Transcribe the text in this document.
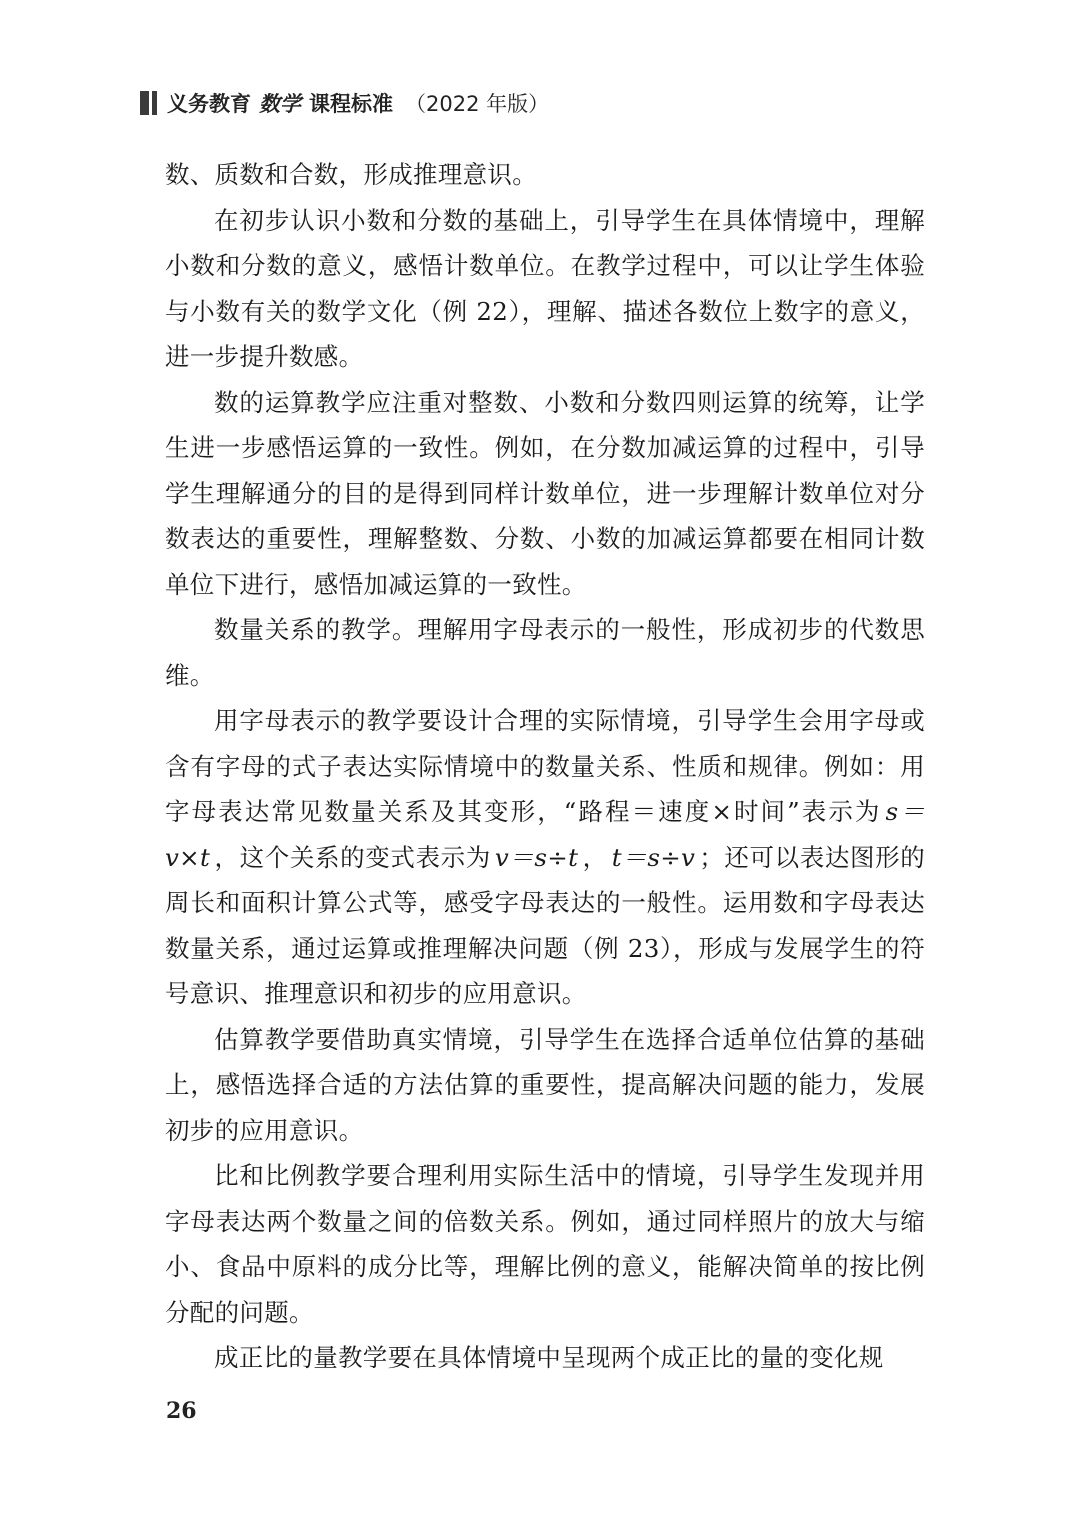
义务教育 数学 课程标准 （2022 年版）

数、质数和合数，形成推理意识。

在初步认识小数和分数的基础上，引导学生在具体情境中，理解小数和分数的意义，感悟计数单位。在教学过程中，可以让学生体验与小数有关的数学文化（例 22），理解、描述各数位上数字的意义，进一步提升数感。

数的运算教学应注重对整数、小数和分数四则运算的统筹，让学生进一步感悟运算的一致性。例如，在分数加减运算的过程中，引导学生理解通分的目的是得到同样计数单位，进一步理解计数单位对分数表达的重要性，理解整数、分数、小数的加减运算都要在相同计数单位下进行，感悟加减运算的一致性。

数量关系的教学。理解用字母表示的一般性，形成初步的代数思维。

用字母表示的教学要设计合理的实际情境，引导学生会用字母或含有字母的式子表达实际情境中的数量关系、性质和规律。例如：用字母表达常见数量关系及其变形，“路程＝速度×时间”表示为 s＝v×t ，这个关系的变式表示为 v＝s÷t ， t＝s÷v ；还可以表达图形的周长和面积计算公式等，感受字母表达的一般性。运用数和字母表达数量关系，通过运算或推理解决问题（例 23），形成与发展学生的符号意识、推理意识和初步的应用意识。

估算教学要借助真实情境，引导学生在选择合适单位估算的基础上，感悟选择合适的方法估算的重要性，提高解决问题的能力，发展初步的应用意识。

比和比例教学要合理利用实际生活中的情境，引导学生发现并用字母表达两个数量之间的倍数关系。例如，通过同样照片的放大与缩小、食品中原料的成分比等，理解比例的意义，能解决简单的按比例分配的问题。

成正比的量教学要在具体情境中呈现两个成正比的量的变化规

26
